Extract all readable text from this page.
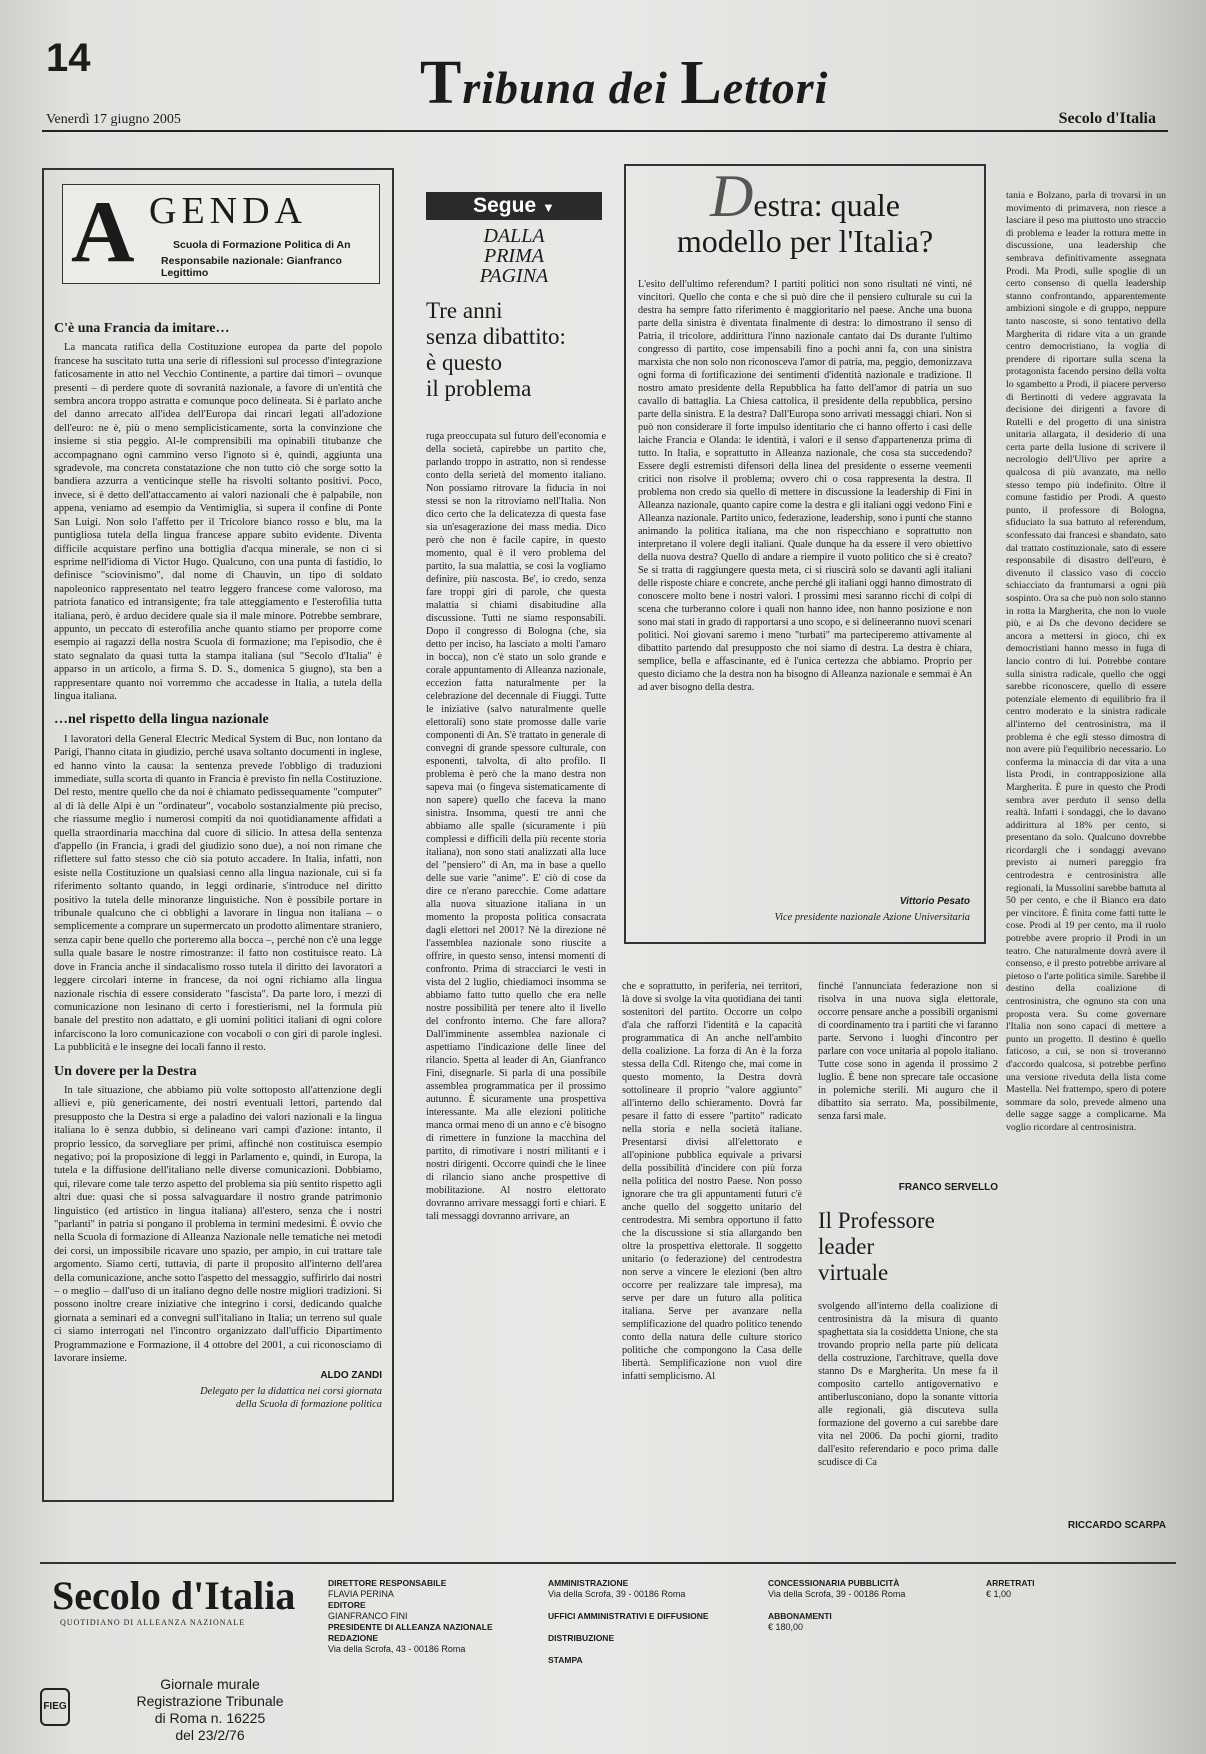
14	Tribuna dei Lettori
Venerdì 17 giugno 2005	Secolo d'Italia
A GENDA
Scuola di Formazione Politica di An
Responsabile nazionale: Gianfranco Legittimo
C'è una Francia da imitare…

La mancata ratifica della Costituzione europea da parte del popolo francese ha suscitato tutta una serie di riflessioni sul processo d'integrazione faticosamente in atto nel Vecchio Continente, a partire dai timori – ovunque presenti – di perdere quote di sovranità nazionale, a favore di un'entità che sembra ancora troppo astratta e comunque poco delineata. Si è parlato anche del danno arrecato all'idea dell'Europa dai rincari legati all'adozione dell'euro: ne è, più o meno semplicisticamente, sorta la convinzione che insieme si stia peggio. Al-le comprensibili ma opinabili titubanze che accompagnano ogni cammino verso l'ignoto si è, quindi, aggiunta una sgradevole, ma concreta constatazione che non tutto ciò che sorge sotto la bandiera azzurra a venticinque stelle ha risvolti soltanto positivi. Poco, invece, si è detto dell'attaccamento ai valori nazionali che è palpabile, non appena, veniamo ad esempio da Ventimiglia, si supera il confine di Ponte San Luigi. Non solo l'affetto per il Tricolore bianco rosso e blu, ma la puntigliosa tutela della lingua francese appare subito evidente. Diventa difficile acquistare perfino una bottiglia d'acqua minerale, se non ci si esprime nell'idioma di Victor Hugo. Qualcuno, con una punta di fastidio, lo definisce "sciovinismo", dal nome di Chauvin, un tipo di soldato napoleonico rappresentato nel teatro leggero francese come valoroso, ma patriota fanatico ed intransigente; fra tale atteggiamento e l'esterofilia tutta italiana, però, è arduo decidere quale sia il male minore. Potrebbe sembrare, appunto, un peccato di esterofilia anche quanto stiamo per proporre come esempio ai ragazzi della nostra Scuola di formazione; ma l'episodio, che è stato segnalato da quasi tutta la stampa italiana (sul "Secolo d'Italia" è apparso in un articolo, a firma S. D. S., domenica 5 giugno), sta ben a rappresentare quanto noi vorremmo che accadesse in Italia, a tutela della lingua italiana.

…nel rispetto della lingua nazionale

I lavoratori della General Electric Medical System di Buc, non lontano da Parigi, l'hanno citata in giudizio, perché usava soltanto documenti in inglese, ed hanno vinto la causa: la sentenza prevede l'obbligo di traduzioni immediate, sulla scorta di quanto in Francia è previsto fin nella Costituzione. Del resto, mentre quello che da noi è chiamato pedissequamente "computer" al di là delle Alpi è un "ordinateur", vocabolo sostanzialmente più preciso, che riassume meglio i numerosi compiti da noi quotidianamente affidati a quella straordinaria macchina dal cuore di silicio. In attesa della sentenza d'appello (in Francia, i gradi del giudizio sono due), a noi non rimane che riflettere sul fatto stesso che ciò sia potuto accadere. In Italia, infatti, non esiste nella Costituzione un qualsiasi cenno alla lingua nazionale, cui si fa riferimento soltanto quando, in leggi ordinarie, s'introduce nel diritto positivo la tutela delle minoranze linguistiche. Non è possibile portare in tribunale qualcuno che ci obblighi a lavorare in lingua non italiana – o semplicemente a comprare un supermercato un prodotto alimentare straniero, senza capir bene quello che porteremo alla bocca –, perché non c'è una legge sulla quale basare le nostre rimostranze: il fatto non costituisce reato. Là dove in Francia anche il sindacalismo rosso tutela il diritto dei lavoratori a leggere circolari interne in francese, da noi ogni richiamo alla lingua nazionale rischia di essere considerato "fascista". Da parte loro, i mezzi di comunicazione non lesinano di certo i forestierismi, nel la formula più banale del prestito non adattato, e gli uomini politici italiani di ogni colore infarciscono la loro comunicazione con vocaboli o con giri di parole inglesi. La pubblicità e le insegne dei locali fanno il resto.

Un dovere per la Destra

In tale situazione, che abbiamo più volte sottoposto all'attenzione degli allievi e, più genericamente, dei nostri eventuali lettori, partendo dal presupposto che la Destra si erge a paladino dei valori nazionali e la lingua italiana lo è senza dubbio, si delineano vari campi d'azione: intanto, il proprio lessico, da sorvegliare per primi, affinché non costituisca esempio negativo; poi la proposizione di leggi in Parlamento e, quindi, in Europa, la tutela e la diffusione dell'italiano nelle diverse comunicazioni. Dobbiamo, qui, rilevare come tale terzo aspetto del problema sia più sentito rispetto agli altri due: quasi che si possa salvaguardare il nostro grande patrimonio linguistico (ed artistico in lingua italiana) all'estero, senza che i nostri "parlanti" in patria si pongano il problema in termini medesimi. È ovvio che nella Scuola di formazione di Alleanza Nazionale nelle tematiche nei metodi dei corsi, un impossibile ricavare uno spazio, per ampio, in cui trattare tale argomento. Siamo certi, tuttavia, di parte il proposito all'interno dell'area della comunicazione, anche sotto l'aspetto del messaggio, suffirirlo dai nostri – o meglio – dall'uso di un italiano degno delle nostre migliori tradizioni. Si possono inoltre creare iniziative che integrino i corsi, dedicando qualche giornata a seminari ed a convegni sull'italiano in Italia; un terreno sul quale ci siamo interrogati nel l'incontro organizzato dall'ufficio Dipartimento Programmazione e Formazione, il 4 ottobre del 2001, a cui riconosciamo di lavorare insieme.

ALDO ZANDI
Delegato per la didattica nei corsi giornata
della Scuola di formazione politica
Segue ▼
DALLA
PRIMA
PAGINA
Tre anni
senza dibattito:
è questo
il problema

ruga preoccupata sul futuro dell'economia e della società, capirebbe un partito che, parlando troppo in astratto, non si rendesse conto della serietà del momento italiano. Non possiamo ritrovare la fiducia in noi stessi se non la ritroviamo nell'Italia. Non dico certo che la delicatezza di questa fase sia un'esagerazione dei mass media. Dico però che non è facile capire, in questo momento, qual è il vero problema del partito, la sua malattia, se così la vogliamo definire, più nascosta. Be', io credo, senza fare troppi giri di parole, che questa malattia si chiami disabitudine alla discussione. Tutti ne siamo responsabili. Dopo il congresso di Bologna (che, sia detto per inciso, ha lasciato a molti l'amaro in bocca), non c'è stato un solo grande e corale appuntamento di Alleanza nazionale, eccezion fatta naturalmente per la celebrazione del decennale di Fiuggi. Tutte le iniziative (salvo naturalmente quelle elettorali) sono state promosse dalle varie componenti di An. S'è trattato in generale di convegni di grande spessore culturale, con esponenti, talvolta, di alto profilo. Il problema è però che la mano destra non sapeva mai (o fingeva sistematicamente di non sapere) quello che faceva la mano sinistra. Insomma, questi tre anni che abbiamo alle spalle (sicuramente i più complessi e difficili della più recente storia italiana), non sono stati analizzati alla luce del "pensiero" di An, ma in base a quello delle sue varie "anime". E' ciò di cose da dire ce n'erano parecchie. Come adattare alla nuova situazione italiana in un momento la proposta politica consacrata dagli elettori nel 2001? Nè la direzione né l'assemblea nazionale sono riuscite a offrire, in questo senso, intensi momenti di confronto. Prima di stracciarci le vesti in vista del 2 luglio, chiediamoci insomma se abbiamo fatto tutto quello che era nelle nostre possibilità per tenere alto il livello del confronto interno. Che fare allora? Dall'imminente assemblea nazionale ci aspettiamo l'indicazione delle linee del rilancio. Spetta al leader di An, Gianfranco Fini, disegnarle. Si parla di una possibile assemblea programmatica per il prossimo autunno. È sicuramente una prospettiva interessante. Ma alle elezioni politiche manca ormai meno di un anno e c'è bisogno di rimettere in funzione la macchina del partito, di rimotivare i nostri militanti e i nostri dirigenti. Occorre quindi che le linee di rilancio siano anche prospettive di mobilitazione. Al nostro elettorato dovranno arrivare messaggi forti e chiari. E tali messaggi dovranno arrivare, an

che e soprattutto, in periferia, nei territori, là dove si svolge la vita quotidiana dei tanti sostenitori del partito. Occorre un colpo d'ala che rafforzi l'identità e la capacità programmatica di An anche nell'ambito della coalizione. La forza di An è la forza stessa della Cdl. Ritengo che, mai come in questo momento, la Destra dovrà sottolineare il proprio "valore aggiunto" all'interno dello schieramento. Dovrà far pesare il fatto di essere "partito" radicato nella storia e nella società italiane. Presentarsi divisi all'elettorato e all'opinione pubblica equivale a privarsi della possibilità d'incidere con più forza nella politica del nostro Paese. Non posso ignorare che tra gli appuntamenti futuri c'è anche quello del soggetto unitario del centrodestra. Mi sembra opportuno il fatto che la discussione si stia allargando ben oltre la prospettiva elettorale. Il soggetto unitario (o federazione) del centrodestra non serve a vincere le elezioni (ben altro occorre per realizzare tale impresa), ma serve per dare un futuro alla politica italiana. Serve per avanzare nella semplificazione del quadro politico tenendo conto della natura delle culture storico politiche che compongono la Casa delle libertà. Semplificazione non vuol dire infatti semplicismo. Al

Destra: quale
modello per l'Italia?

L'esito dell'ultimo referendum? I partiti politici non sono risultati né vinti, né vincitori. Quello che conta e che si può dire che il pensiero culturale su cui la destra ha sempre fatto riferimento è maggioritario nel paese. Anche una buona parte della sinistra è diventata finalmente di destra: lo dimostrano il senso di Patria, il tricolore, addirittura l'inno nazionale cantato dai Ds durante l'ultimo congresso di partito, cose impensabili fino a pochi anni fa, con una sinistra marxista che non solo non riconosceva l'amor di patria, ma, peggio, demonizzava ogni forma di fortificazione dei sentimenti d'identità nazionale e tradizione. Il nostro amato presidente della Repubblica ha fatto dell'amor di patria un suo cavallo di battaglia. La Chiesa cattolica, il presidente della repubblica, persino parte della sinistra. E la destra? Dall'Europa sono arrivati messaggi chiari. Non si può non considerare il forte impulso identitario che ci hanno offerto i casi delle laiche Francia e Olanda: le identità, i valori e il senso d'appartenenza prima di tutto. In Italia, e soprattutto in Alleanza nazionale, che cosa sta succedendo? Essere degli estremisti difensori della linea del presidente o esserne veementi critici non risolve il problema; ovvero chi o cosa rappresenta la destra. Il problema non credo sia quello di mettere in discussione la leadership di Fini in Alleanza nazionale, quanto capire come la destra e gli italiani oggi vedono Fini e Alleanza nazionale. Partito unico, federazione, leadership, sono i punti che stanno animando la politica italiana, ma che non rispecchiano e soprattutto non interpretano il volere degli italiani. Quale dunque ha da essere il vero obiettivo della nuova destra? Quello di andare a riempire il vuoto politico che si è creato? Se si tratta di raggiungere questa meta, ci si riuscirà solo se davanti agli italiani delle risposte chiare e concrete, anche perché gli italiani oggi hanno dimostrato di conoscere molto bene i nostri valori. I prossimi mesi saranno ricchi di colpi di scena che turberanno colore i quali non hanno idee, non hanno posizione e non sono mai stati in grado di rapportarsi a uno scopo, e si delineeranno nuovi scenari politici. Noi giovani saremo i meno "turbati" ma parteciperemo attivamente al dibattito partendo dal presupposto che noi siamo di destra. La destra è chiara, semplice, bella e affascinante, ed è l'unica certezza che abbiamo. Proprio per questo diciamo che la destra non ha bisogno di Alleanza nazionale e semmai è An ad aver bisogno della destra.

Vittorio Pesato
Vice presidente nazionale Azione Universitaria

finché l'annunciata federazione non si risolva in una nuova sigla elettorale, occorre pensare anche a possibili organismi di coordinamento tra i partiti che vi faranno parte. Servono i luoghi d'incontro per parlare con voce unitaria al popolo italiano. Tutte cose sono in agenda il prossimo 2 luglio. È bene non sprecare tale occasione in polemiche sterili. Mi auguro che il dibattito sia serrato. Ma, possibilmente, senza farsi male.

FRANCO SERVELLO
Il Professore
leader
virtuale

svolgendo all'interno della coalizione di centrosinistra dà la misura di quanto spaghettata sia la cosiddetta Unione, che sta trovando proprio nella parte più delicata della costruzione, l'architrave, quella dove stanno Ds e Margherita. Un mese fa il composito cartello antigovernativo e antiberlusconiano, dopo la sonante vittoria alle regionali, già discuteva sulla formazione del governo a cui sarebbe dare vita nel 2006. Da pochi giorni, tradito dall'esito referendario e poco prima dalle scudisce di Ca

tania e Bolzano, parla di trovarsi in un movimento di primavera, non riesce a lasciare il peso ma piuttosto uno straccio di problema e leader la rottura mette in discussione, una leadership che sembrava definitivamente assegnata Prodi. Ma Prodi, sulle spoglie di un certo consenso di quella leadership stanno confrontando, apparentemente ambizioni singole e di gruppo, neppure tanto nascoste, si sono tentativo della Margherita di ridare vita a un grande centro democristiano, la voglia di prendere di riportare sulla scena la protagonista facendo persino della volta lo sgambetto a Prodi, il piacere perverso di Bertinotti di vedere aggravata la decisione dei dirigenti a favore di Rutelli e del progetto di una sinistra unitaria allargata, il desiderio di una certa parte della lusione di scrivere il necrologio dell'Ulivo per aprire a qualcosa di più avanzato, ma nello stesso tempo più indefinito. Oltre il comune fastidio per Prodi. A questo punto, il professore di Bologna, sfiduciato la sua battuto al referendum, sconfessato dai francesi e sbandato, sato dal trattato costituzionale, sato di essere responsabile di disastro dell'euro, è divenuto il classico vaso di coccio schiacciato da frantumarsi a ogni più sospinto. Ora sa che può non solo stanno in rotta la Margherita, che non lo vuole più, e ai Ds che devono decidere se ancora a mettersi in gioco, chi ex democristiani hanno messo in fuga di lancio contro di lui. Potrebbe contare sulla sinistra radicale, quello che oggi sarebbe riconoscere, quello di essere potenziale elemento di equilibrio fra il centro moderato e la sinistra radicale all'interno del centrosinistra, ma il problema è che egli stesso dimostra di non avere più l'equilibrio necessario. Lo conferma la minaccia di dar vita a una lista Prodi, in contrapposizione alla Margherita. È pure in questo che Prodi sembra aver perduto il senso della realtà. Infatti i sondaggi, che lo davano addirittura al 18% per cento, si presentano da solo. Qualcuno dovrebbe ricordargli che i sondaggi avevano previsto ai numeri pareggio fra centrodestra e centrosinistra alle regionali, la Mussolini sarebbe battuta al 50 per cento, e che il Bianco era dato per vincitore. È finita come fatti tutte le cose. Prodi al 19 per cento, ma il ruolo potrebbe avere proprio il Prodi in un teatro. Che naturalmente dovrà avere il consenso, e il presto potrebbe arrivare al pietoso o l'arte politica simile. Sarebbe il destino della coalizione di centrosinistra, che ognuno sta con una proposta vera. Su come governare l'Italia non sono capaci di mettere a punto un progetto. Il destino è quello faticoso, a cui, se non si troveranno d'accordo qualcosa, si potrebbe perfino una versione riveduta della lista come Mastella. Nel frattempo, spero di potere sommare da solo, prevede almeno una delle sagge sagge a complicarne. Ma voglio ricordare al centrosinistra.

RICCARDO SCARPA
Secolo d'Italia
QUOTIDIANO DI ALLEANZA NAZIONALE
FIEG
Giornale murale
Registrazione Tribunale
di Roma n. 16225
del 23/2/76
DIRETTORE RESPONSABILE
FLAVIA PERINA
EDITORE
GIANFRANCO FINI
PRESIDENTE DI ALLEANZA NAZIONALE
REDAZIONE
Via della Scrofa, 43 - 00186 Roma
AMMINISTRAZIONE
Via della Scrofa, 39 - 00186 Roma

UFFICI AMMINISTRATIVI E DIFFUSIONE

DISTRIBUZIONE

STAMPA
CONCESSIONARIA PUBBLICITÀ
Via della Scrofa, 39 - 00186 Roma

ABBONAMENTI
€ 180,00
ARRETRATI
€ 1,00
